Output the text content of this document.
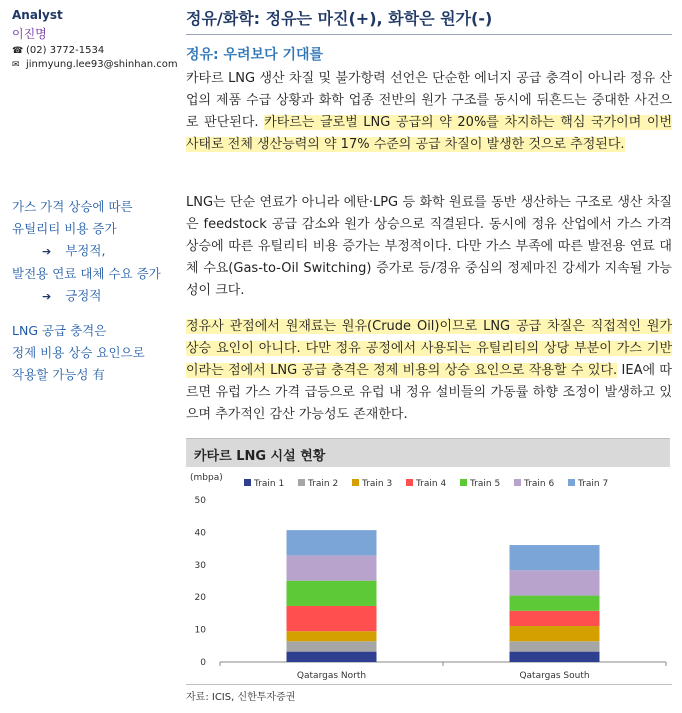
Analyst
이진명
☎ (02) 3772-1534
✉ jinmyung.lee93@shinhan.com
가스 가격 상승에 따른
유틸리티 비용 증가
➔ 부정적,
발전용 연료 대체 수요 증가
➔ 긍정적
LNG 공급 충격은
정제 비용 상승 요인으로
작용할 가능성 有
정유/화학: 정유는 마진(+), 화학은 원가(-)
정유: 우려보다 기대를
카타르 LNG 생산 차질 및 불가항력 선언은 단순한 에너지 공급 충격이 아니라 정유 산업의 제품 수급 상황과 화학 업종 전반의 원가 구조를 동시에 뒤흔드는 중대한 사건으로 판단된다. 카타르는 글로벌 LNG 공급의 약 20%를 차지하는 핵심 국가이며 이번 사태로 전체 생산능력의 약 17% 수준의 공급 차질이 발생한 것으로 추정된다.
LNG는 단순 연료가 아니라 에탄·LPG 등 화학 원료를 동반 생산하는 구조로 생산 차질은 feedstock 공급 감소와 원가 상승으로 직결된다. 동시에 정유 산업에서 가스 가격 상승에 따른 유틸리티 비용 증가는 부정적이다. 다만 가스 부족에 따른 발전용 연료 대체 수요(Gas-to-Oil Switching) 증가로 등/경유 중심의 정제마진 강세가 지속될 가능성이 크다.
정유사 관점에서 원재료는 원유(Crude Oil)이므로 LNG 공급 차질은 직접적인 원가 상승 요인이 아니다. 다만 정유 공정에서 사용되는 유틸리티의 상당 부분이 가스 기반이라는 점에서 LNG 공급 충격은 정제 비용의 상승 요인으로 작용할 수 있다. IEA에 따르면 유럽 가스 가격 급등으로 유럽 내 정유 설비들의 가동률 하향 조정이 발생하고 있으며 추가적인 감산 가능성도 존재한다.
카타르 LNG 시설 현황
(mbpa)
0
10
20
30
40
50
Train 1	Train 2	Train 3	Train 4	Train 5	Train 6	Train 7
Qatargas North	Qatargas South
자료: ICIS, 신한투자증권
